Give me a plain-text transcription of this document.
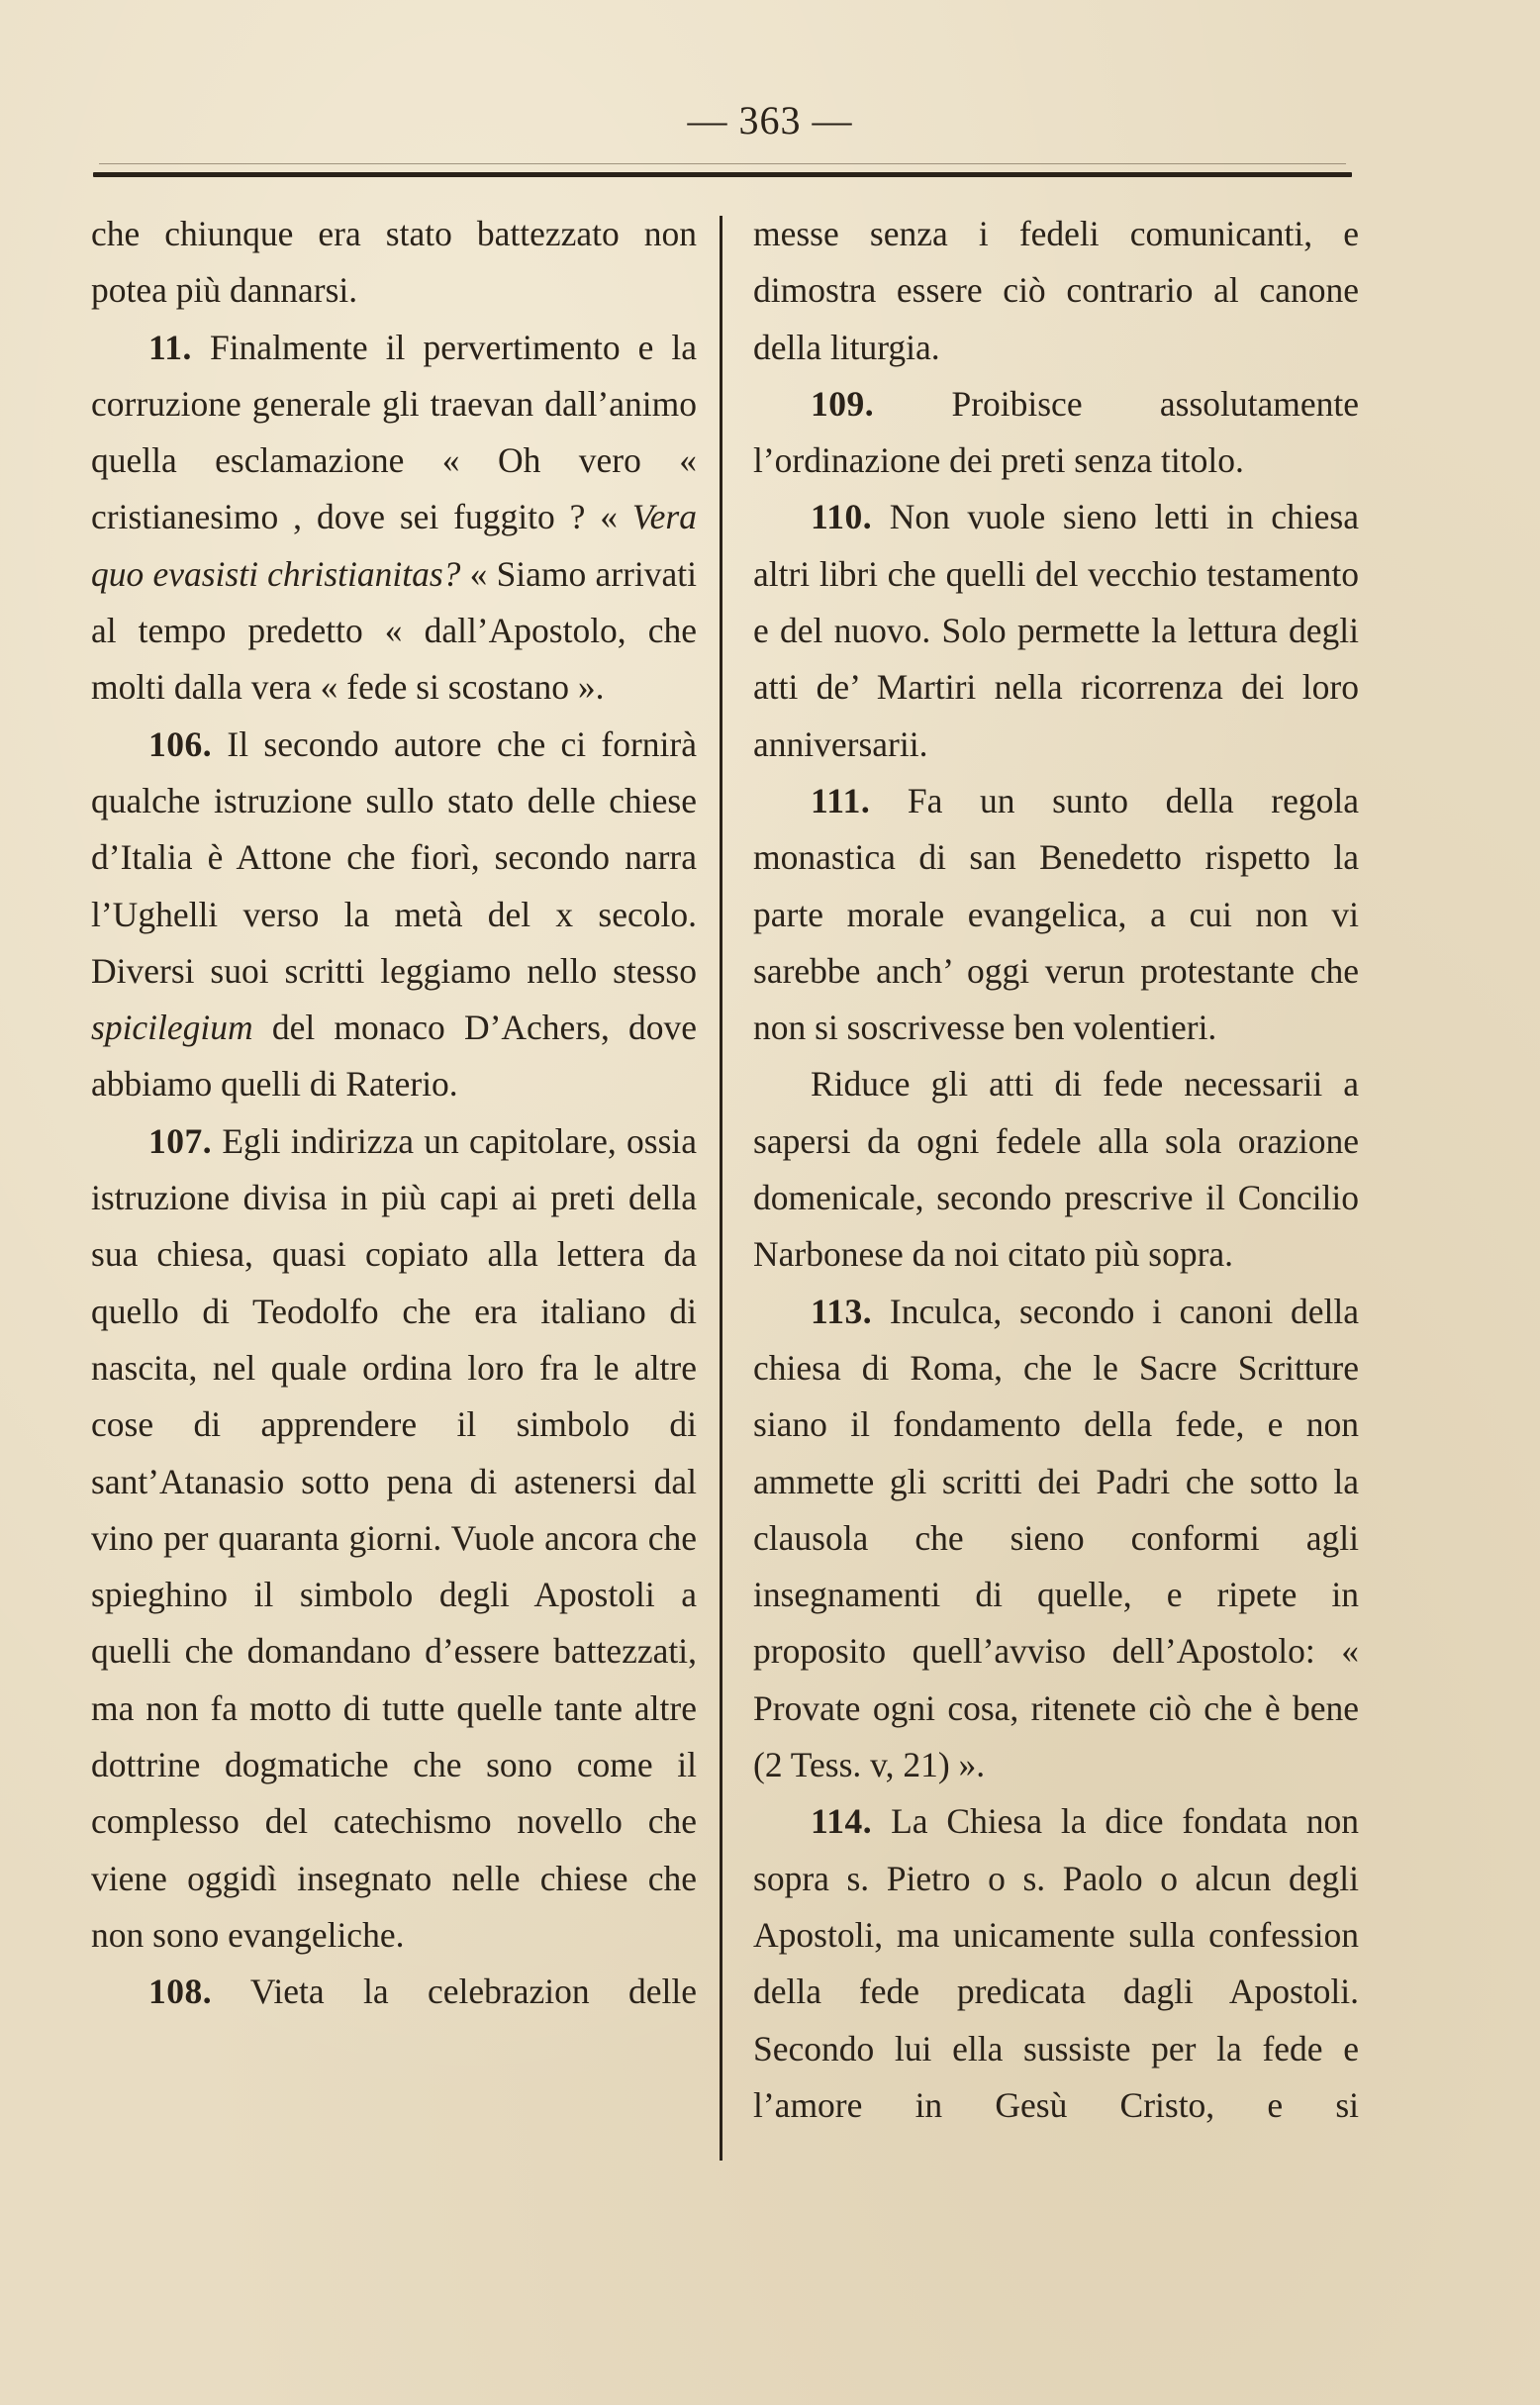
— 363 —

che chiunque era stato battezzato non potea più dannarsi.

11. Finalmente il pervertimento e la corruzione generale gli traevan dall’animo quella esclamazione « Oh vero « cristianesimo , dove sei fuggito ? « Vera quo evasisti christianitas? « Siamo arrivati al tempo predetto « dall’Apostolo, che molti dalla vera « fede si scostano ».

106. Il secondo autore che ci fornirà qualche istruzione sullo stato delle chiese d’Italia è Attone che fiorì, secondo narra l’Ughelli verso la metà del x secolo. Diversi suoi scritti leggiamo nello stesso spicilegium del monaco D’Achers, dove abbiamo quelli di Raterio.

107. Egli indirizza un capitolare, ossia istruzione divisa in più capi ai preti della sua chiesa, quasi copiato alla lettera da quello di Teodolfo che era italiano di nascita, nel quale ordina loro fra le altre cose di apprendere il simbolo di sant’Atanasio sotto pena di astenersi dal vino per quaranta giorni. Vuole ancora che spieghino il simbolo degli Apostoli a quelli che domandano d’essere battezzati, ma non fa motto di tutte quelle tante altre dottrine dogmatiche che sono come il complesso del catechismo novello che viene oggidì insegnato nelle chiese che non sono evangeliche.

108. Vieta la celebrazion delle

messe senza i fedeli comunicanti, e dimostra essere ciò contrario al canone della liturgia.

109. Proibisce assolutamente l’ordinazione dei preti senza titolo.

110. Non vuole sieno letti in chiesa altri libri che quelli del vecchio testamento e del nuovo. Solo permette la lettura degli atti de’ Martiri nella ricorrenza dei loro anniversarii.

111. Fa un sunto della regola monastica di san Benedetto rispetto la parte morale evangelica, a cui non vi sarebbe anch’ oggi verun protestante che non si soscrivesse ben volentieri.

Riduce gli atti di fede necessarii a sapersi da ogni fedele alla sola orazione domenicale, secondo prescrive il Concilio Narbonese da noi citato più sopra.

113. Inculca, secondo i canoni della chiesa di Roma, che le Sacre Scritture siano il fondamento della fede, e non ammette gli scritti dei Padri che sotto la clausola che sieno conformi agli insegnamenti di quelle, e ripete in proposito quell’avviso dell’Apostolo: « Provate ogni cosa, ritenete ciò che è bene (2 Tess. v, 21) ».

114. La Chiesa la dice fondata non sopra s. Pietro o s. Paolo o alcun degli Apostoli, ma unicamente sulla confession della fede predicata dagli Apostoli. Secondo lui ella sussiste per la fede e l’amore in Gesù Cristo, e si
